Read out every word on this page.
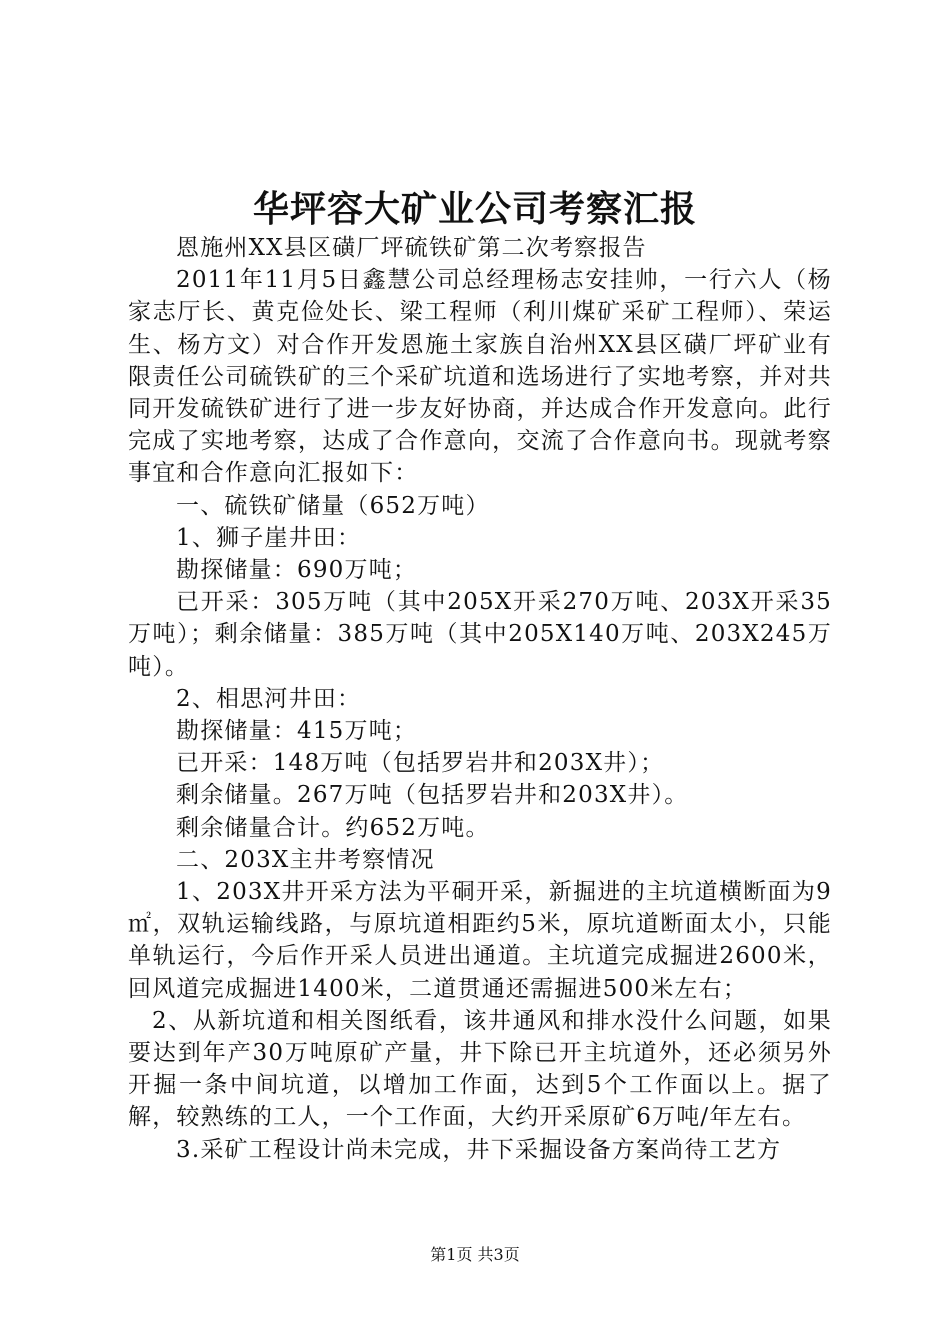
华坪容大矿业公司考察汇报

恩施州XX县区磺厂坪硫铁矿第二次考察报告

2011年11月5日鑫慧公司总经理杨志安挂帅，一行六人（杨家志厅长、黄克俭处长、梁工程师（利川煤矿采矿工程师）、荣运生、杨方文）对合作开发恩施土家族自治州XX县区磺厂坪矿业有限责任公司硫铁矿的三个采矿坑道和选场进行了实地考察，并对共同开发硫铁矿进行了进一步友好协商，并达成合作开发意向。此行完成了实地考察，达成了合作意向，交流了合作意向书。现就考察事宜和合作意向汇报如下：

一、硫铁矿储量（652万吨）

1、狮子崖井田：

勘探储量：690万吨；

已开采：305万吨（其中205X开采270万吨、203X开采35万吨）；剩余储量：385万吨（其中205X140万吨、203X245万吨）。

2、相思河井田：

勘探储量：415万吨；

已开采：148万吨（包括罗岩井和203X井）；

剩余储量。267万吨（包括罗岩井和203X井）。

剩余储量合计。约652万吨。

二、203X主井考察情况

1、203X井开采方法为平硐开采，新掘进的主坑道横断面为9㎡，双轨运输线路，与原坑道相距约5米，原坑道断面太小，只能单轨运行，今后作开采人员进出通道。主坑道完成掘进2600米，回风道完成掘进1400米，二道贯通还需掘进500米左右；

2、从新坑道和相关图纸看，该井通风和排水没什么问题，如果要达到年产30万吨原矿产量，井下除已开主坑道外，还必须另外开掘一条中间坑道，以增加工作面，达到5个工作面以上。据了解，较熟练的工人，一个工作面，大约开采原矿6万吨/年左右。

3.采矿工程设计尚未完成，井下采掘设备方案尚待工艺方

第1页 共3页
